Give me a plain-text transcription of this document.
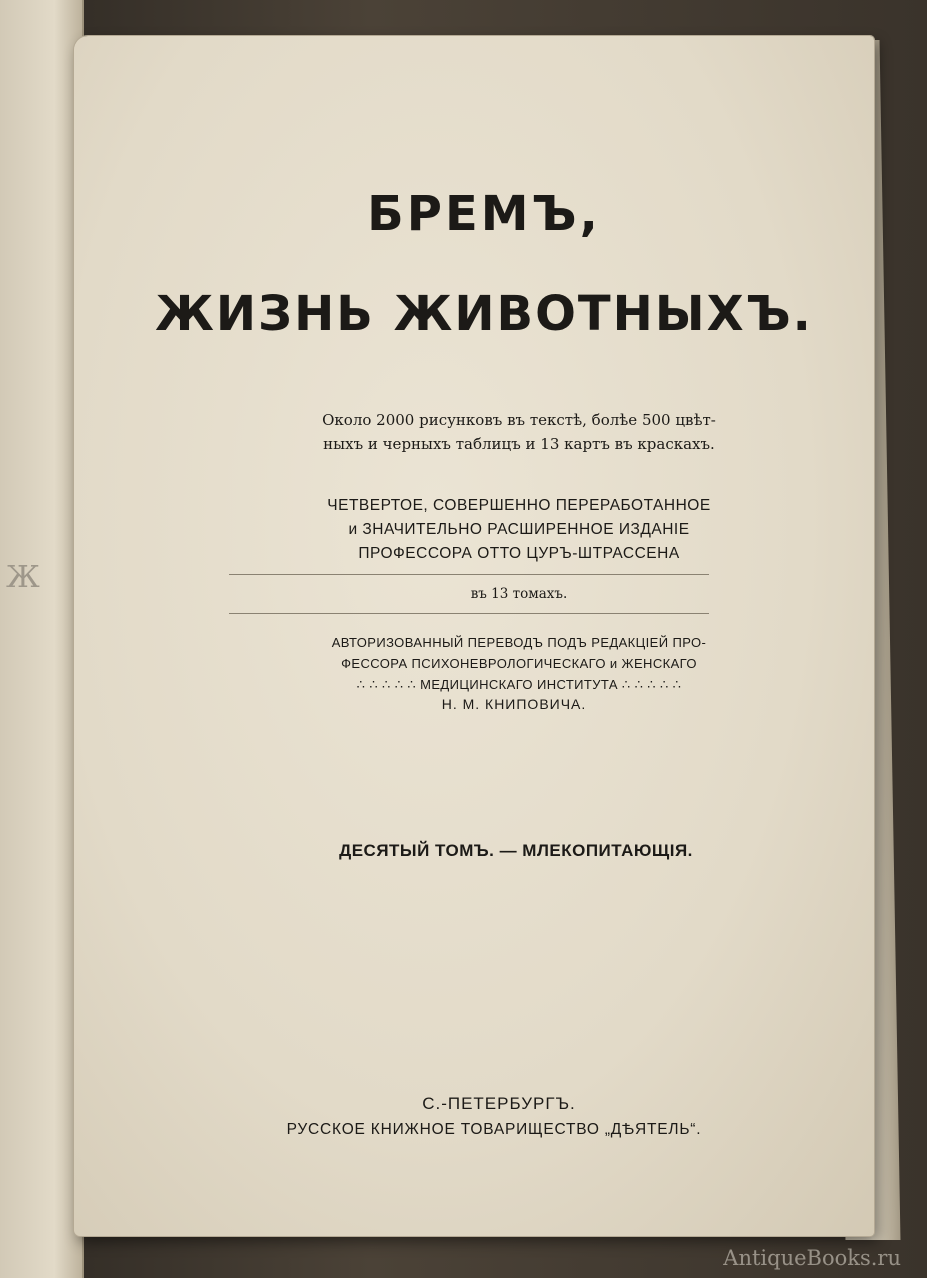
Ж
БРЕМЪ,
ЖИЗНЬ ЖИВОТНЫХЪ.
Около 2000 рисунковъ въ текстѣ, болѣе 500 цвѣт-
ныхъ и черныхъ таблицъ и 13 картъ въ краскахъ.
ЧЕТВЕРТОЕ, СОВЕРШЕННО ПЕРЕРАБОТАННОЕ
и ЗНАЧИТЕЛЬНО РАСШИРЕННОЕ ИЗДАНІЕ
ПРОФЕССОРА ОТТО ЦУРЪ-ШТРАССЕНА
въ 13 томахъ.
АВТОРИЗОВАННЫЙ ПЕРЕВОДЪ ПОДЪ РЕДАКЦІЕЙ ПРО-
ФЕССОРА ПСИХОНЕВРОЛОГИЧЕСКАГО и ЖЕНСКАГО
∴ ∴ ∴ ∴ ∴ МЕДИЦИНСКАГО ИНСТИТУТА ∴ ∴ ∴ ∴ ∴
Н. М. КНИПОВИЧА.
ДЕСЯТЫЙ ТОМЪ. — МЛЕКОПИТАЮЩІЯ.
С.-ПЕТЕРБУРГЪ.
РУССКОЕ КНИЖНОЕ ТОВАРИЩЕСТВО „ДѢЯТЕЛЬ“.
AntiqueBooks.ru
